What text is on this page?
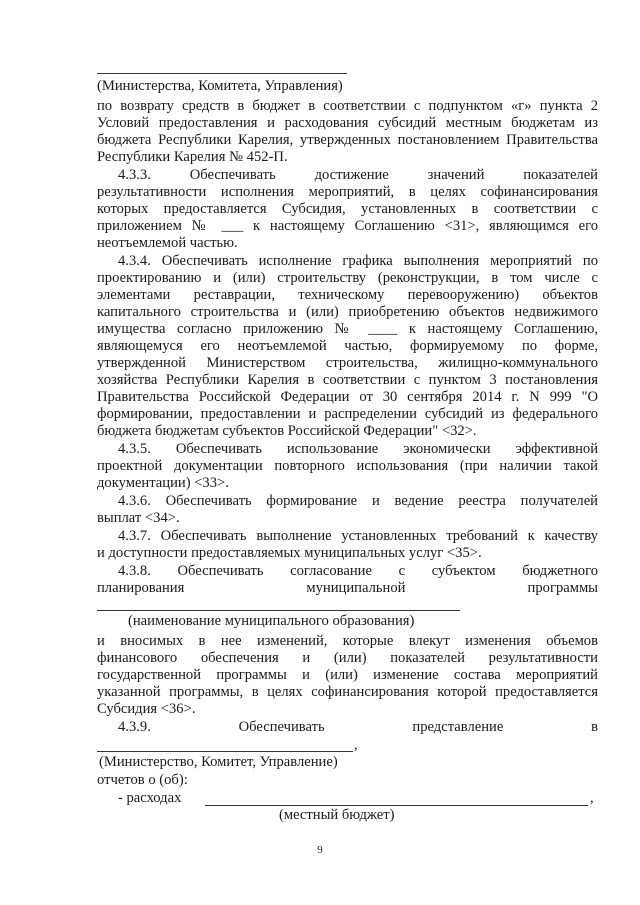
(Министерства, Комитета, Управления)
по возврату средств в бюджет в соответствии с подпунктом «г» пункта 2
Условий предоставления и расходования субсидий местным бюджетам из
бюджета Республики Карелия, утвержденных постановлением Правительства
Республики Карелия № 452-П.
4.3.3. Обеспечивать достижение значений показателей
результативности исполнения мероприятий, в целях софинансирования
которых предоставляется Субсидия, установленных в соответствии с
приложением № ___ к настоящему Соглашению <31>, являющимся его
неотъемлемой частью.
4.3.4. Обеспечивать исполнение графика выполнения мероприятий по
проектированию и (или) строительству (реконструкции, в том числе с
элементами реставрации, техническому перевооружению) объектов
капитального строительства и (или) приобретению объектов недвижимого
имущества согласно приложению № ____ к настоящему Соглашению,
являющемуся его неотъемлемой частью, формируемому по форме,
утвержденной Министерством строительства, жилищно-коммунального
хозяйства Республики Карелия в соответствии с пунктом 3 постановления
Правительства Российской Федерации от 30 сентября 2014 г. N 999 "О
формировании, предоставлении и распределении субсидий из федерального
бюджета бюджетам субъектов Российской Федерации" <32>.
4.3.5. Обеспечивать использование экономически эффективной
проектной документации повторного использования (при наличии такой
документации) <33>.
4.3.6. Обеспечивать формирование и ведение реестра получателей
выплат <34>.
4.3.7. Обеспечивать выполнение установленных требований к качеству
и доступности предоставляемых муниципальных услуг <35>.
4.3.8. Обеспечивать согласование с субъектом бюджетного
планирования муниципальной программы
(наименование муниципального образования)
и вносимых в нее изменений, которые влекут изменения объемов
финансового обеспечения и (или) показателей результативности
государственной программы и (или) изменение состава мероприятий
указанной программы, в целях софинансирования которой предоставляется
Субсидия <36>.
4.3.9. Обеспечивать представление в
,
(Министерство, Комитет, Управление)
отчетов о (об):
- расходах	,
(местный бюджет)
9
